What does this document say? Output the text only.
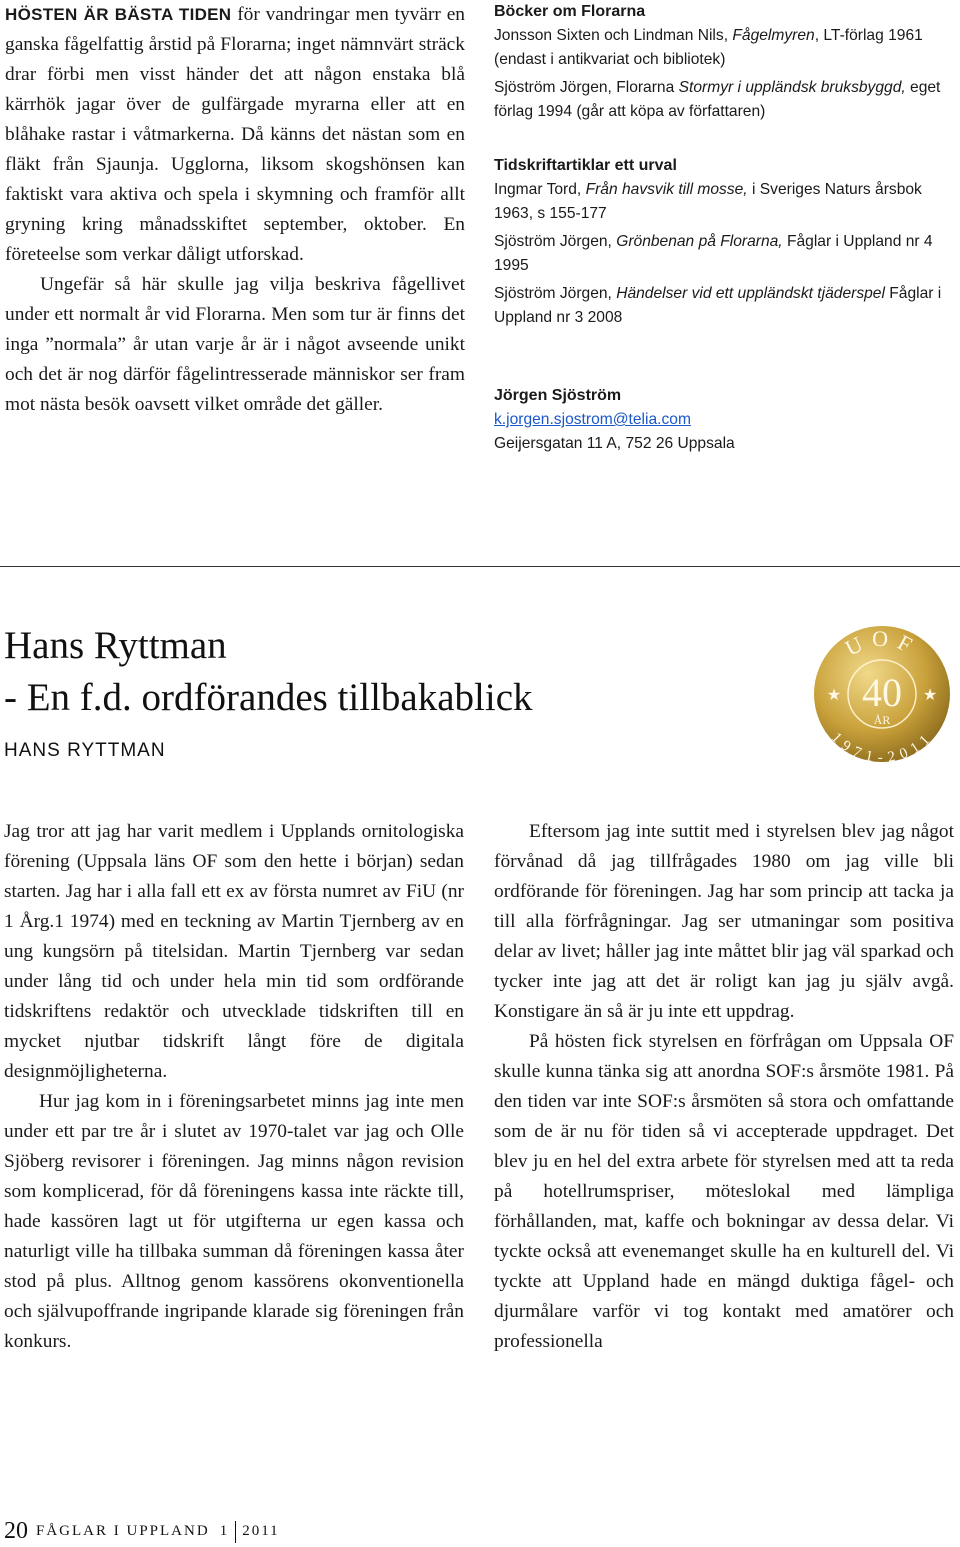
HÖSTEN ÄR BÄSTA TIDEN för vandringar men tyvärr en ganska fågelfattig årstid på Florarna; inget nämnvärt sträck drar förbi men visst händer det att någon enstaka blå kärrhök jagar över de gulfärgade myrarna eller att en blåhake rastar i våtmarkerna. Då känns det nästan som en fläkt från Sjaunja. Ugglorna, liksom skogshönsen kan faktiskt vara aktiva och spela i skymning och framför allt gryning kring månadsskiftet september, oktober. En företeelse som verkar dåligt utforskad.

Ungefär så här skulle jag vilja beskriva fågellivet under ett normalt år vid Florarna. Men som tur är finns det inga ”normala” år utan varje år är i något avseende unikt och det är nog därför fågelintresserade människor ser fram mot nästa besök oavsett vilket område det gäller.

Böcker om Florarna

Jonsson Sixten och Lindman Nils, Fågelmyren, LT-förlag 1961 (endast i antikvariat och bibliotek)

Sjöström Jörgen, Florarna Stormyr i uppländsk bruksbyggd, eget förlag 1994 (går att köpa av författaren)

Tidskriftartiklar ett urval

Ingmar Tord, Från havsvik till mosse, i Sveriges Naturs årsbok 1963, s 155-177

Sjöström Jörgen, Grönbenan på Florarna, Fåglar i Uppland nr 4 1995

Sjöström Jörgen, Händelser vid ett uppländskt tjäderspel Fåglar i Uppland nr 3 2008

Jörgen Sjöström
k.jorgen.sjostrom@telia.com
Geijersgatan 11 A, 752 26 Uppsala
Hans Ryttman
- En f.d. ordförandes tillbakablick
HANS RYTTMAN
UOF
40
ÅR
1971-2011
★	★

Jag tror att jag har varit medlem i Upplands ornitologiska förening (Uppsala läns OF som den hette i början) sedan starten. Jag har i alla fall ett ex av första numret av FiU (nr 1 Årg.1 1974) med en teckning av Martin Tjernberg av en ung kungsörn på titelsidan. Martin Tjernberg var sedan under lång tid och under hela min tid som ordförande tidskriftens redaktör och utvecklade tidskriften till en mycket njutbar tidskrift långt före de digitala designmöjligheterna.

Hur jag kom in i föreningsarbetet minns jag inte men under ett par tre år i slutet av 1970-talet var jag och Olle Sjöberg revisorer i föreningen. Jag minns någon revision som komplicerad, för då föreningens kassa inte räckte till, hade kassören lagt ut för utgifterna ur egen kassa och naturligt ville ha tillbaka summan då föreningen kassa åter stod på plus. Alltnog genom kassörens okonventionella och självupoffrande ingripande klarade sig föreningen från konkurs.

Eftersom jag inte suttit med i styrelsen blev jag något förvånad då jag tillfrågades 1980 om jag ville bli ordförande för föreningen. Jag har som princip att tacka ja till alla förfrågningar. Jag ser utmaningar som positiva delar av livet; håller jag inte måttet blir jag väl sparkad och tycker inte jag att det är roligt kan jag ju själv avgå. Konstigare än så är ju inte ett uppdrag.

På hösten fick styrelsen en förfrågan om Uppsala OF skulle kunna tänka sig att anordna SOF:s årsmöte 1981. På den tiden var inte SOF:s årsmöten så stora och omfattande som de är nu för tiden så vi accepterade uppdraget. Det blev ju en hel del extra arbete för styrelsen med att ta reda på hotellrumspriser, möteslokal med lämpliga förhållanden, mat, kaffe och bokningar av dessa delar. Vi tyckte också att evenemanget skulle ha en kulturell del. Vi tyckte att Uppland hade en mängd duktiga fågel- och djurmålare varför vi tog kontakt med amatörer och professionella

20 FÅGLAR I UPPLAND 1 2011
